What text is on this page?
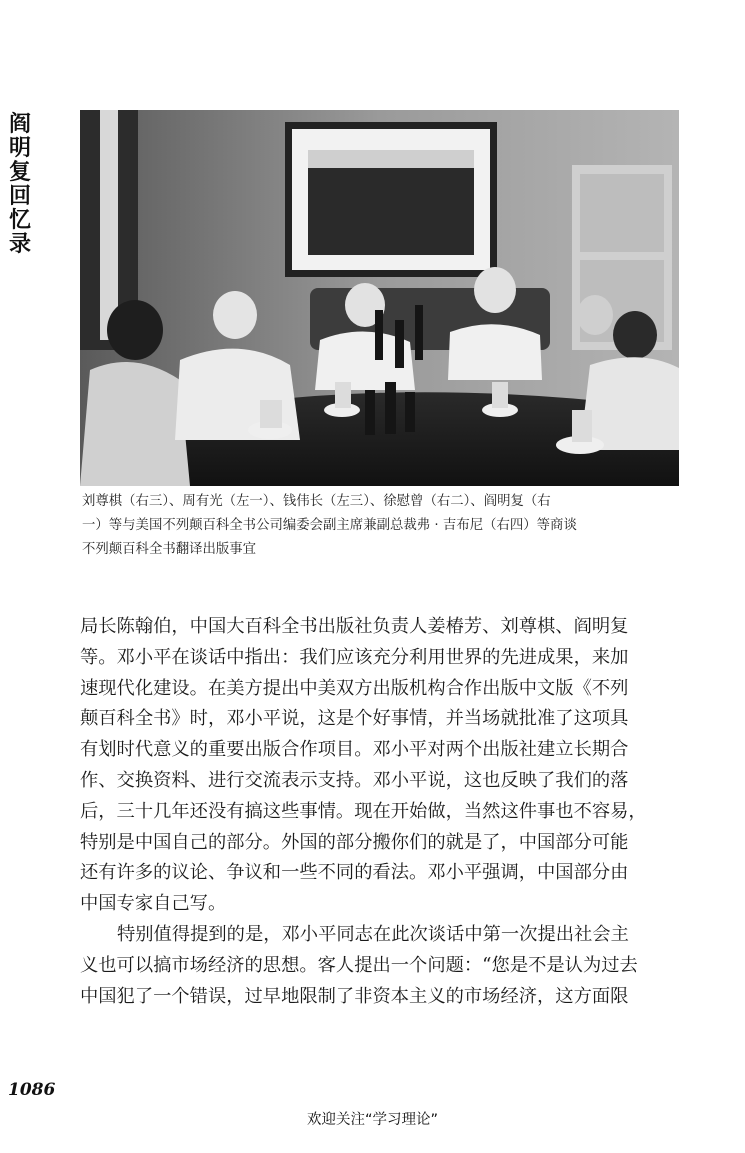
阎
明
复
回
忆
录
刘尊棋（右三）、周有光（左一）、钱伟长（左三）、徐慰曾（右二）、阎明复（右
一）等与美国不列颠百科全书公司编委会副主席兼副总裁弗 · 吉布尼（右四）等商谈
不列颠百科全书翻译出版事宜
局长陈翰伯，中国大百科全书出版社负责人姜椿芳、刘尊棋、阎明复
等。邓小平在谈话中指出：我们应该充分利用世界的先进成果，来加
速现代化建设。在美方提出中美双方出版机构合作出版中文版《不列
颠百科全书》时，邓小平说，这是个好事情，并当场就批准了这项具
有划时代意义的重要出版合作项目。邓小平对两个出版社建立长期合
作、交换资料、进行交流表示支持。邓小平说，这也反映了我们的落
后，三十几年还没有搞这些事情。现在开始做，当然这件事也不容易，
特别是中国自己的部分。外国的部分搬你们的就是了，中国部分可能
还有许多的议论、争议和一些不同的看法。邓小平强调，中国部分由
中国专家自己写。
特别值得提到的是，邓小平同志在此次谈话中第一次提出社会主
义也可以搞市场经济的思想。客人提出一个问题：“您是不是认为过去
中国犯了一个错误，过早地限制了非资本主义的市场经济，这方面限
1086
欢迎关注“学习理论”
